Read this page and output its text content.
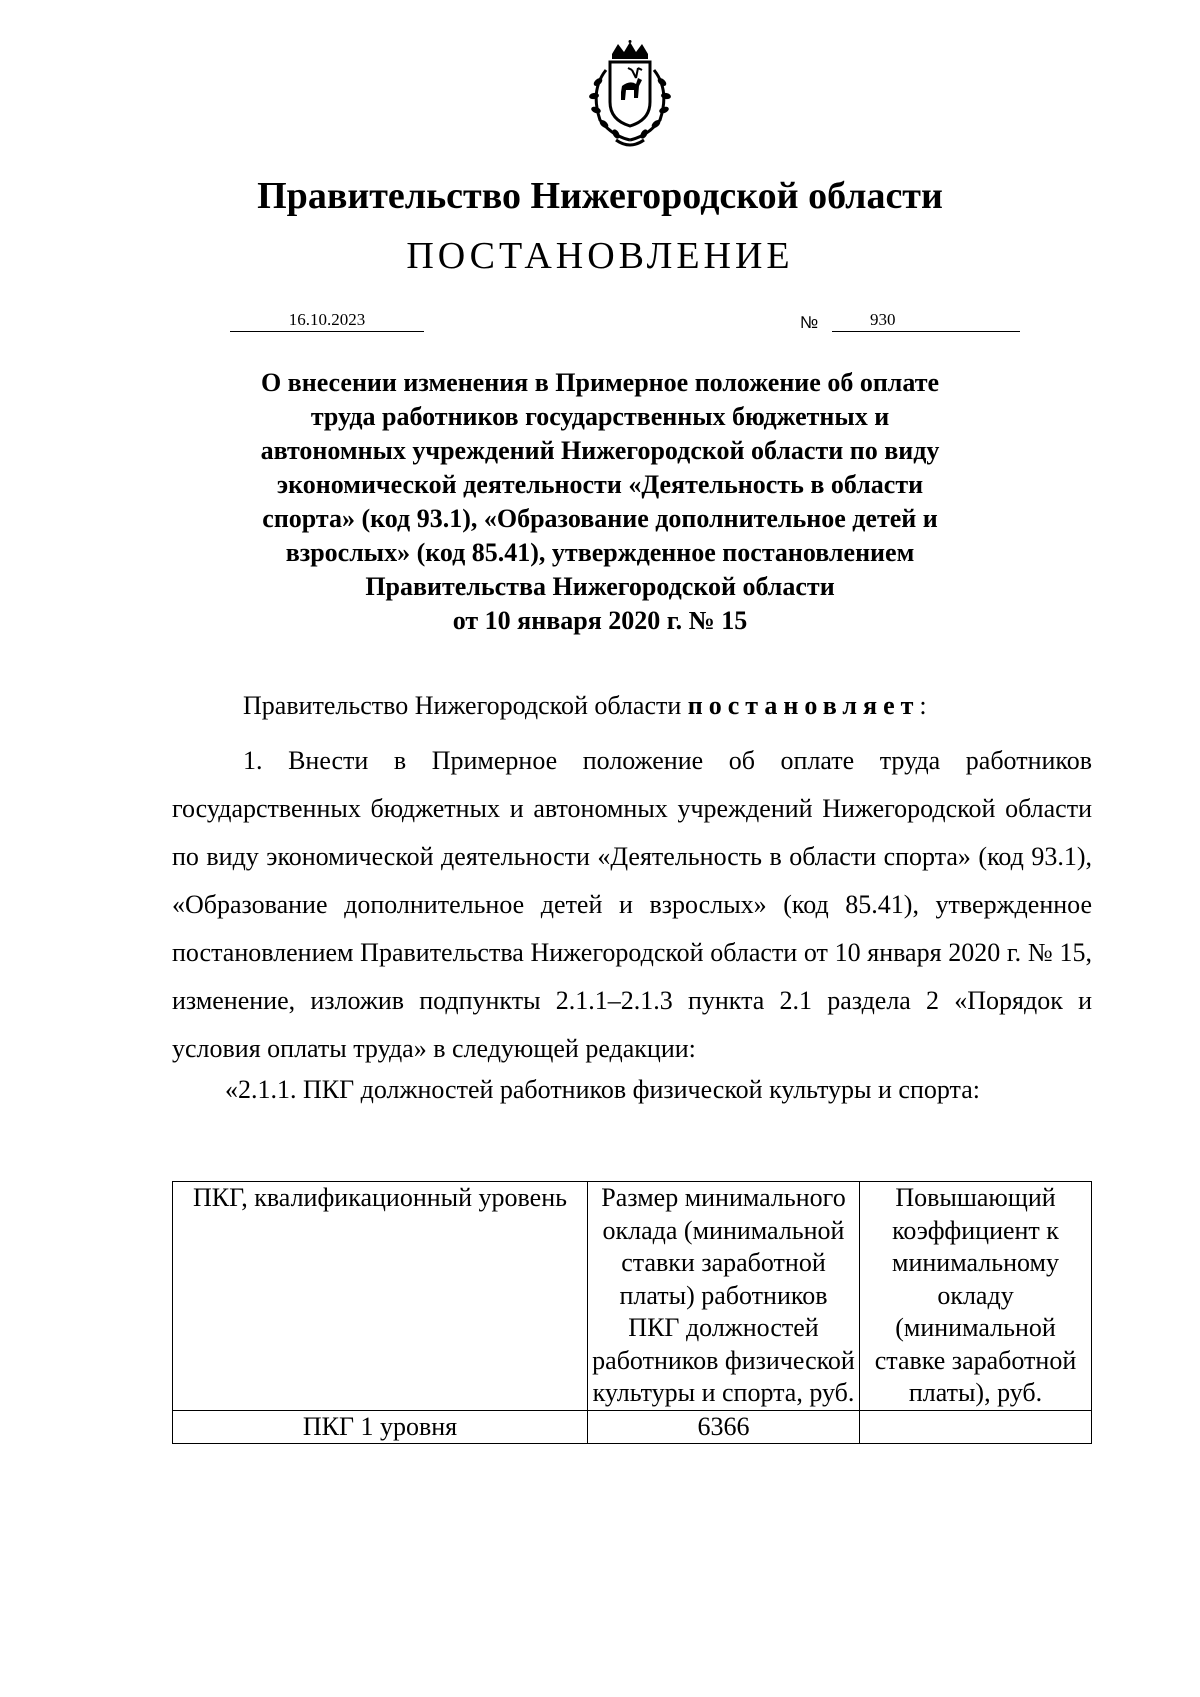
Правительство Нижегородской области
ПОСТАНОВЛЕНИЕ
16.10.2023	№	930
О внесении изменения в Примерное положение об оплате
труда работников государственных бюджетных и
автономных учреждений Нижегородской области по виду
экономической деятельности «Деятельность в области
спорта» (код 93.1), «Образование дополнительное детей и
взрослых» (код 85.41), утвержденное постановлением
Правительства Нижегородской области
от 10 января 2020 г. № 15

Правительство Нижегородской области постановляет:

1. Внести в Примерное положение об оплате труда работников государственных бюджетных и автономных учреждений Нижегородской области по виду экономической деятельности «Деятельность в области спорта» (код 93.1), «Образование дополнительное детей и взрослых» (код 85.41), утвержденное постановлением Правительства Нижегородской области от 10 января 2020 г. № 15, изменение, изложив подпункты 2.1.1–2.1.3 пункта 2.1 раздела 2 «Порядок и условия оплаты труда» в следующей редакции:

«2.1.1. ПКГ должностей работников физической культуры и спорта:

ПКГ, квалификационный уровень	Размер минимального оклада (минимальной ставки заработной платы) работников ПКГ должностей работников физической культуры и спорта, руб.	Повышающий коэффициент к минимальному окладу (минимальной ставке заработной платы), руб.
ПКГ 1 уровня	6366	
